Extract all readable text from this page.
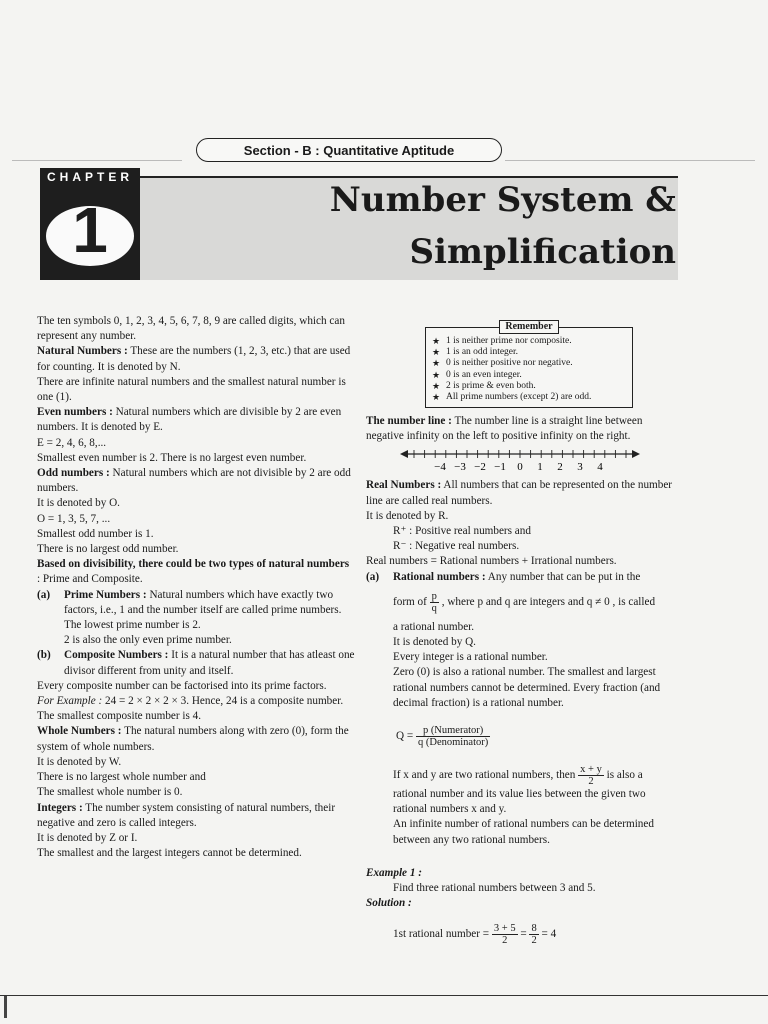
Section - B : Quantitative Aptitude
CHAPTER
1	Number System &
Simplification

The ten symbols 0, 1, 2, 3, 4, 5, 6, 7, 8, 9 are called digits, which can represent any number.

Natural Numbers : These are the numbers (1, 2, 3, etc.) that are used for counting. It is denoted by N.

There are infinite natural numbers and the smallest natural number is one (1).

Even numbers : Natural numbers which are divisible by 2 are even numbers. It is denoted by E.

E = 2, 4, 6, 8,...

Smallest even number is 2. There is no largest even number.

Odd numbers : Natural numbers which are not divisible by 2 are odd numbers.

It is denoted by O.

O = 1, 3, 5, 7, ...

Smallest odd number is 1.

There is no largest odd number.

Based on divisibility, there could be two types of natural numbers : Prime and Composite.

(a) Prime Numbers : Natural numbers which have exactly two factors, i.e., 1 and the number itself are called prime numbers.

The lowest prime number is 2.

2 is also the only even prime number.

(b) Composite Numbers : It is a natural number that has atleast one divisor different from unity and itself.

Every composite number can be factorised into its prime factors.

For Example : 24 = 2 × 2 × 2 × 3. Hence, 24 is a composite number.

The smallest composite number is 4.

Whole Numbers : The natural numbers along with zero (0), form the system of whole numbers.

It is denoted by W.

There is no largest whole number and

The smallest whole number is 0.

Integers : The number system consisting of natural numbers, their negative and zero is called integers.

It is denoted by Z or I.

The smallest and the largest integers cannot be determined.

Remember
★ 1 is neither prime nor composite.
★ 1 is an odd integer.
★ 0 is neither positive nor negative.
★ 0 is an even integer.
★ 2 is prime & even both.
★ All prime numbers (except 2) are odd.

The number line : The number line is a straight line between negative infinity on the left to positive infinity on the right.

Real Numbers : All numbers that can be represented on the number line are called real numbers.

It is denoted by R.

R⁺ : Positive real numbers and

R⁻ : Negative real numbers.

Real numbers = Rational numbers + Irrational numbers.

(a) Rational numbers : Any number that can be put in the

form of $\frac{p}{q}$ , where p and q are integers and q ≠ 0 , is called

a rational number.

It is denoted by Q.

Every integer is a rational number.

Zero (0) is also a rational number. The smallest and largest rational numbers cannot be determined. Every fraction (and decimal fraction) is a rational number.

$Q = \frac{\text{p (Numerator)}}{\text{q (Denominator)}}$

If x and y are two rational numbers, then $\frac{x + y}{2}$ is also a

rational number and its value lies between the given two rational numbers x and y.

An infinite number of rational numbers can be determined between any two rational numbers.

Example 1 :

Find three rational numbers between 3 and 5.

Solution :

1st rational number = $\frac{3 + 5}{2} = \frac{8}{2} = 4$

−4 −3 −2 −1 0 1 2 3 4
